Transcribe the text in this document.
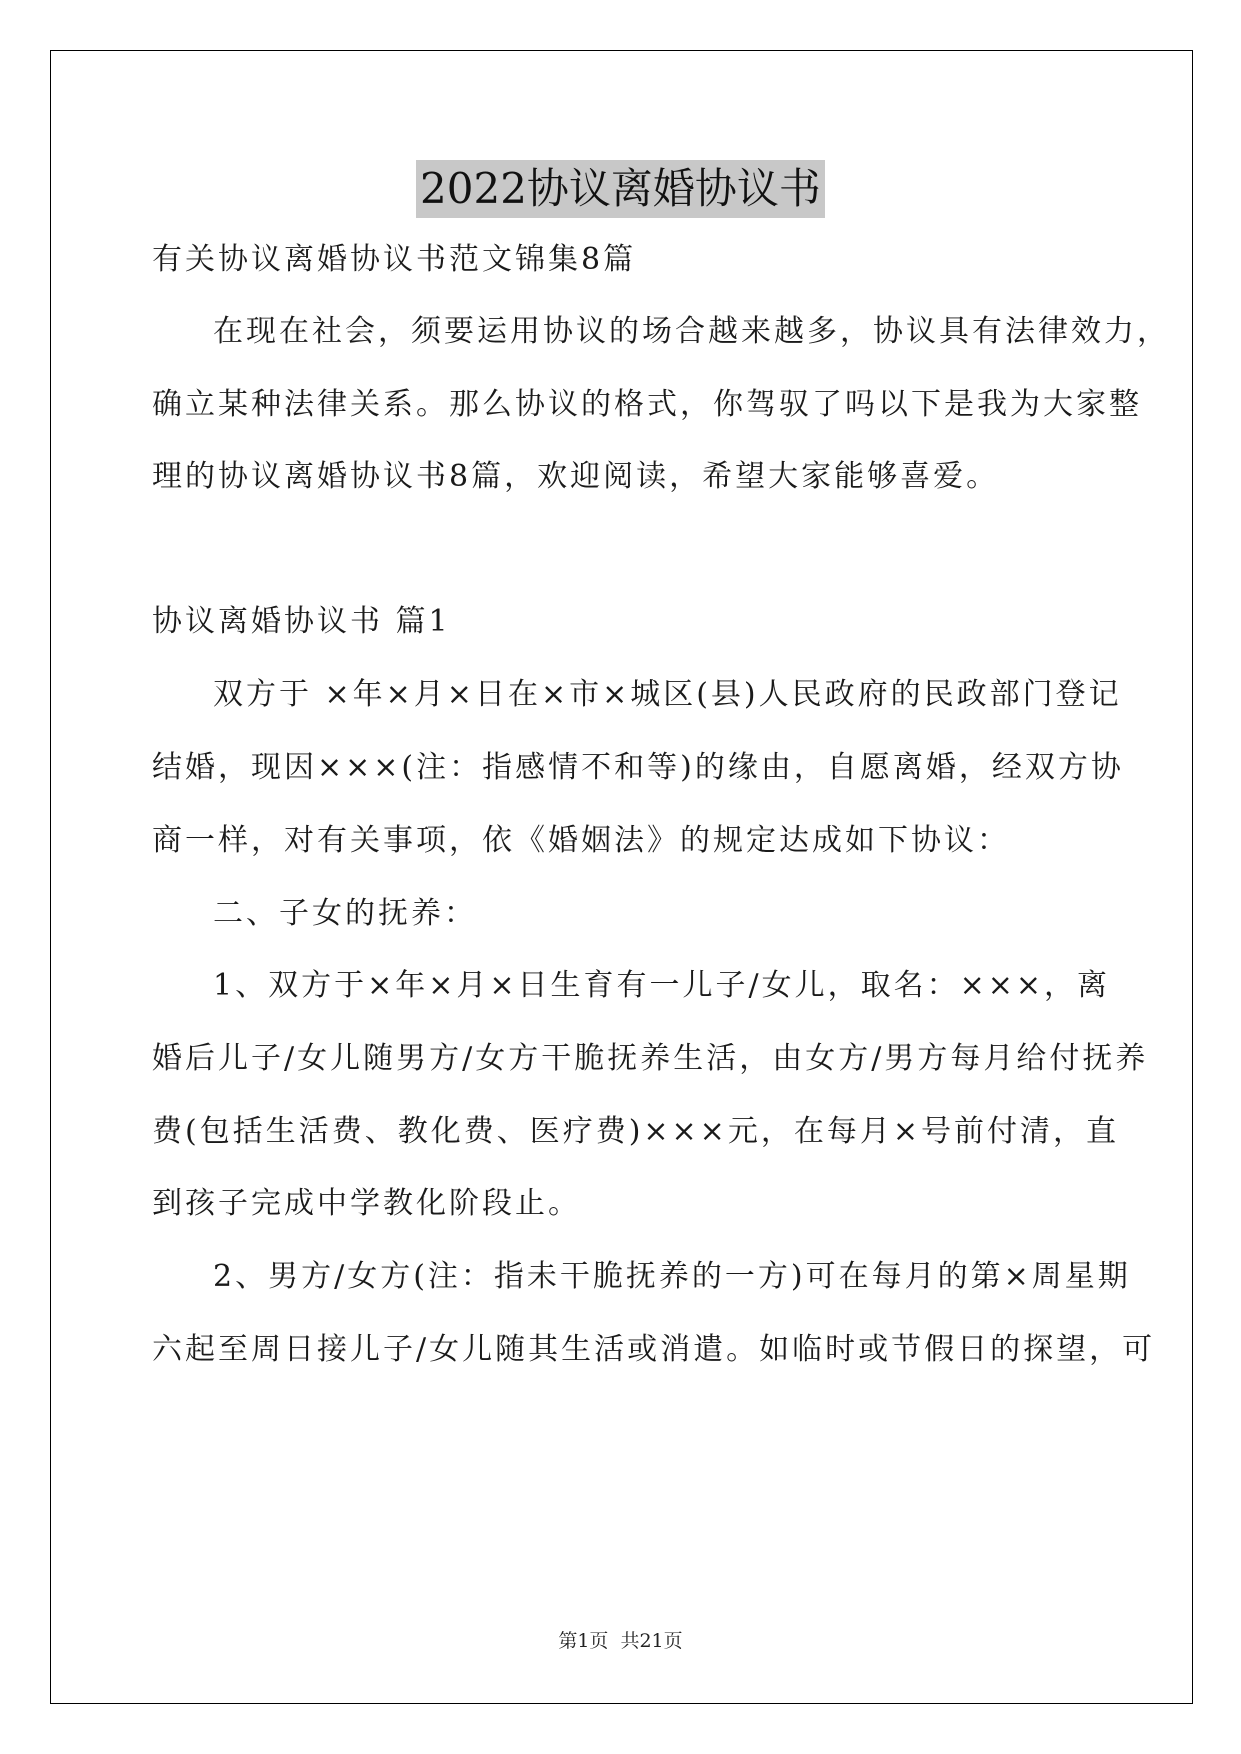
2022协议离婚协议书
有关协议离婚协议书范文锦集8篇
在现在社会，须要运用协议的场合越来越多，协议具有法律效力，
确立某种法律关系。那么协议的格式，你驾驭了吗以下是我为大家整
理的协议离婚协议书8篇，欢迎阅读，希望大家能够喜爱。
协议离婚协议书 篇1
双方于 ×年×月×日在×市×城区(县)人民政府的民政部门登记
结婚，现因×××(注：指感情不和等)的缘由，自愿离婚，经双方协
商一样，对有关事项，依《婚姻法》的规定达成如下协议：
二、子女的抚养：
1、双方于×年×月×日生育有一儿子/女儿，取名：×××，离
婚后儿子/女儿随男方/女方干脆抚养生活，由女方/男方每月给付抚养
费(包括生活费、教化费、医疗费)×××元，在每月×号前付清，直
到孩子完成中学教化阶段止。
2、男方/女方(注：指未干脆抚养的一方)可在每月的第×周星期
六起至周日接儿子/女儿随其生活或消遣。如临时或节假日的探望，可
第1页 共21页
